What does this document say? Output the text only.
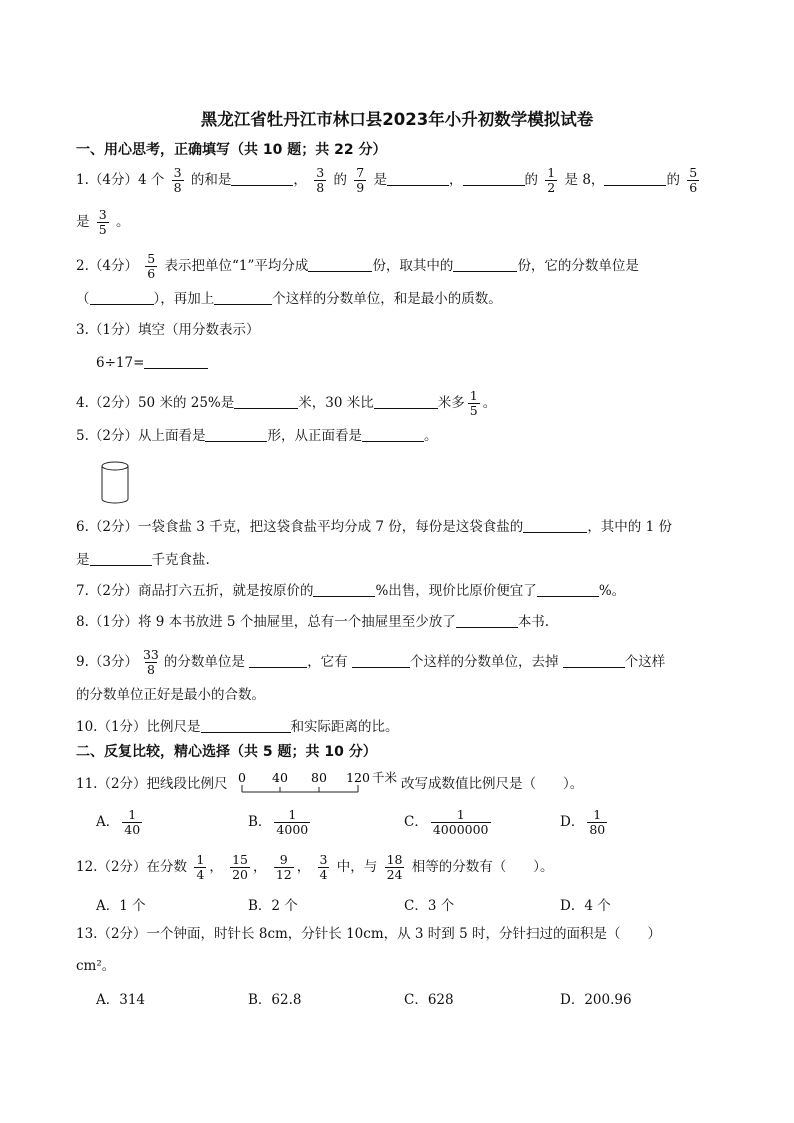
黑龙江省牡丹江市林口县2023年小升初数学模拟试卷
一、用心思考，正确填写（共 10 题；共 22 分）
1.（4分）4 个 $\frac{3}{8}$ 的和是	， $\frac{3}{8}$ 的 $\frac{7}{9}$ 是	，	的 $\frac{1}{2}$ 是 8，	的 $\frac{5}{6}$
是 $\frac{3}{5}$ 。
2.（4分） $\frac{5}{6}$ 表示把单位“1”平均分成	份，取其中的	份，它的分数单位是
（	），再加上	个这样的分数单位，和是最小的质数。
3.（1分）填空（用分数表示）
6÷17=
4.（2分）50 米的 25%是	米，30 米比	米多 $\frac{1}{5}$ 。
5.（2分）从上面看是	形，从正面看是	。
6.（2分）一袋食盐 3 千克，把这袋食盐平均分成 7 份，每份是这袋食盐的	，其中的 1 份
是	千克食盐.
7.（2分）商品打六五折，就是按原价的	%出售，现价比原价便宜了	%。
8.（1分）将 9 本书放进 5 个抽屉里，总有一个抽屉里至少放了	本书.
9.（3分） $\frac{33}{8}$ 的分数单位是	，它有	个这样的分数单位，去掉	个这样
的分数单位正好是最小的合数。
10.（1分）比例尺是	和实际距离的比。
二、反复比较，精心选择（共 5 题；共 10 分）
11.（2分）把线段比例尺 0 40 80 120 千米 改写成数值比例尺是（　　）。
A． $\frac{1}{40}$	B． $\frac{1}{4000}$	C． $\frac{1}{4000000}$	D． $\frac{1}{80}$
12.（2分）在分数 $\frac{1}{4}$ ， $\frac{15}{20}$ ， $\frac{9}{12}$ ， $\frac{3}{4}$ 中，与 $\frac{18}{24}$ 相等的分数有（　　）。
A．1 个	B．2 个	C．3 个	D．4 个
13.（2分）一个钟面，时针长 8cm，分针长 10cm，从 3 时到 5 时，分针扫过的面积是（　　）
cm²。
A．314	B．62.8	C．628	D．200.96
